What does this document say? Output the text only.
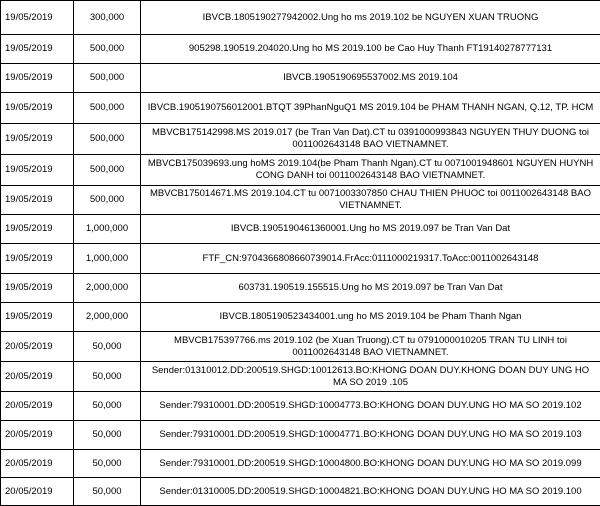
19/05/2019	300,000	IBVCB.1805190277942002.Ung ho ms 2019.102 be NGUYEN XUAN TRUONG
19/05/2019	500,000	905298.190519.204020.Ung ho MS 2019.100 be Cao Huy Thanh FT19140278777131
19/05/2019	500,000	IBVCB.1905190695537002.MS 2019.104
19/05/2019	500,000	IBVCB.1905190756012001.BTQT 39PhanNguQ1 MS 2019.104 be PHAM THANH NGAN, Q.12, TP. HCM
19/05/2019	500,000	MBVCB175142998.MS 2019.017 (be Tran Van Dat).CT tu 0391000993843 NGUYEN THUY DUONG toi 0011002643148 BAO VIETNAMNET.
19/05/2019	500,000	MBVCB175039693.ung hoMS 2019.104(be Pham Thanh Ngan).CT tu 0071001948601 NGUYEN HUYNH CONG DANH toi 0011002643148 BAO VIETNAMNET.
19/05/2019	500,000	MBVCB175014671.MS 2019.104.CT tu 0071003307850 CHAU THIEN PHUOC toi 0011002643148 BAO VIETNAMNET.
19/05/2019	1,000,000	IBVCB.1905190461360001.Ung ho MS 2019.097 be Tran Van Dat
19/05/2019	1,000,000	FTF_CN:9704366808660739014.FrAcc:0111000219317.ToAcc:0011002643148
19/05/2019	2,000,000	603731.190519.155515.Ung ho MS 2019.097 be Tran Van Dat
19/05/2019	2,000,000	IBVCB.1805190523434001.ung ho MS 2019.104 be Pham Thanh Ngan
20/05/2019	50,000	MBVCB175397766.ms 2019.102 (be Xuan Truong).CT tu 0791000010205 TRAN TU LINH toi 0011002643148 BAO VIETNAMNET.
20/05/2019	50,000	Sender:01310012.DD:200519.SHGD:10012613.BO:KHONG DOAN DUY.KHONG DOAN DUY UNG HO MA SO 2019 .105
20/05/2019	50,000	Sender:79310001.DD:200519.SHGD:10004773.BO:KHONG DOAN DUY.UNG HO MA SO 2019.102
20/05/2019	50,000	Sender:79310001.DD:200519.SHGD:10004771.BO:KHONG DOAN DUY.UNG HO MA SO 2019.103
20/05/2019	50,000	Sender:79310001.DD:200519.SHGD:10004800.BO:KHONG DOAN DUY.UNG HO MA SO 2019.099
20/05/2019	50,000	Sender:01310005.DD:200519.SHGD:10004821.BO:KHONG DOAN DUY.UNG HO MA SO 2019.100
